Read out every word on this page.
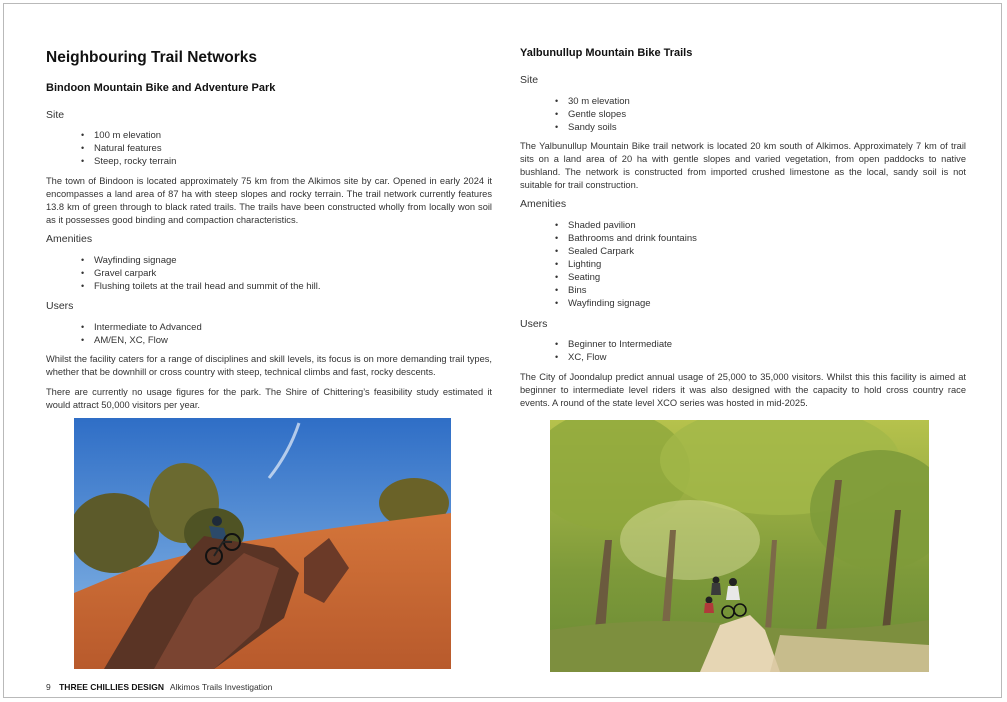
Neighbouring Trail Networks
Bindoon Mountain Bike and Adventure Park
Site
• 100 m elevation
• Natural features
• Steep, rocky terrain

The town of Bindoon is located approximately 75 km from the Alkimos site by car. Opened in early 2024 it encompasses a land area of 87 ha with steep slopes and rocky terrain. The trail network currently features 13.8 km of green through to black rated trails. The trails have been constructed wholly from locally won soil as it possesses good binding and compaction characteristics.

Amenities
• Wayfinding signage
• Gravel carpark
• Flushing toilets at the trail head and summit of the hill.
Users
• Intermediate to Advanced
• AM/EN, XC, Flow

Whilst the facility caters for a range of disciplines and skill levels, its focus is on more demanding trail types, whether that be downhill or cross country with steep, technical climbs and fast, rocky descents.

There are currently no usage figures for the park. The Shire of Chittering’s feasibility study estimated it would attract 50,000 visitors per year.

Yalbunullup Mountain Bike Trails
Site
• 30 m elevation
• Gentle slopes
• Sandy soils

The Yalbunullup Mountain Bike trail network is located 20 km south of Alkimos. Approximately 7 km of trail sits on a land area of 20 ha with gentle slopes and varied vegetation, from open paddocks to native bushland. The network is constructed from imported crushed limestone as the local, sandy soil is not suitable for trail construction.

Amenities
• Shaded pavilion
• Bathrooms and drink fountains
• Sealed Carpark
• Lighting
• Seating
• Bins
• Wayfinding signage
Users
• Beginner to Intermediate
• XC, Flow

The City of Joondalup predict annual usage of 25,000 to 35,000 visitors. Whilst this this facility is aimed at beginner to intermediate level riders it was also designed with the capacity to hold cross country race events. A round of the state level XCO series was hosted in mid-2025.

9 THREE CHILLIES DESIGN Alkimos Trails Investigation
